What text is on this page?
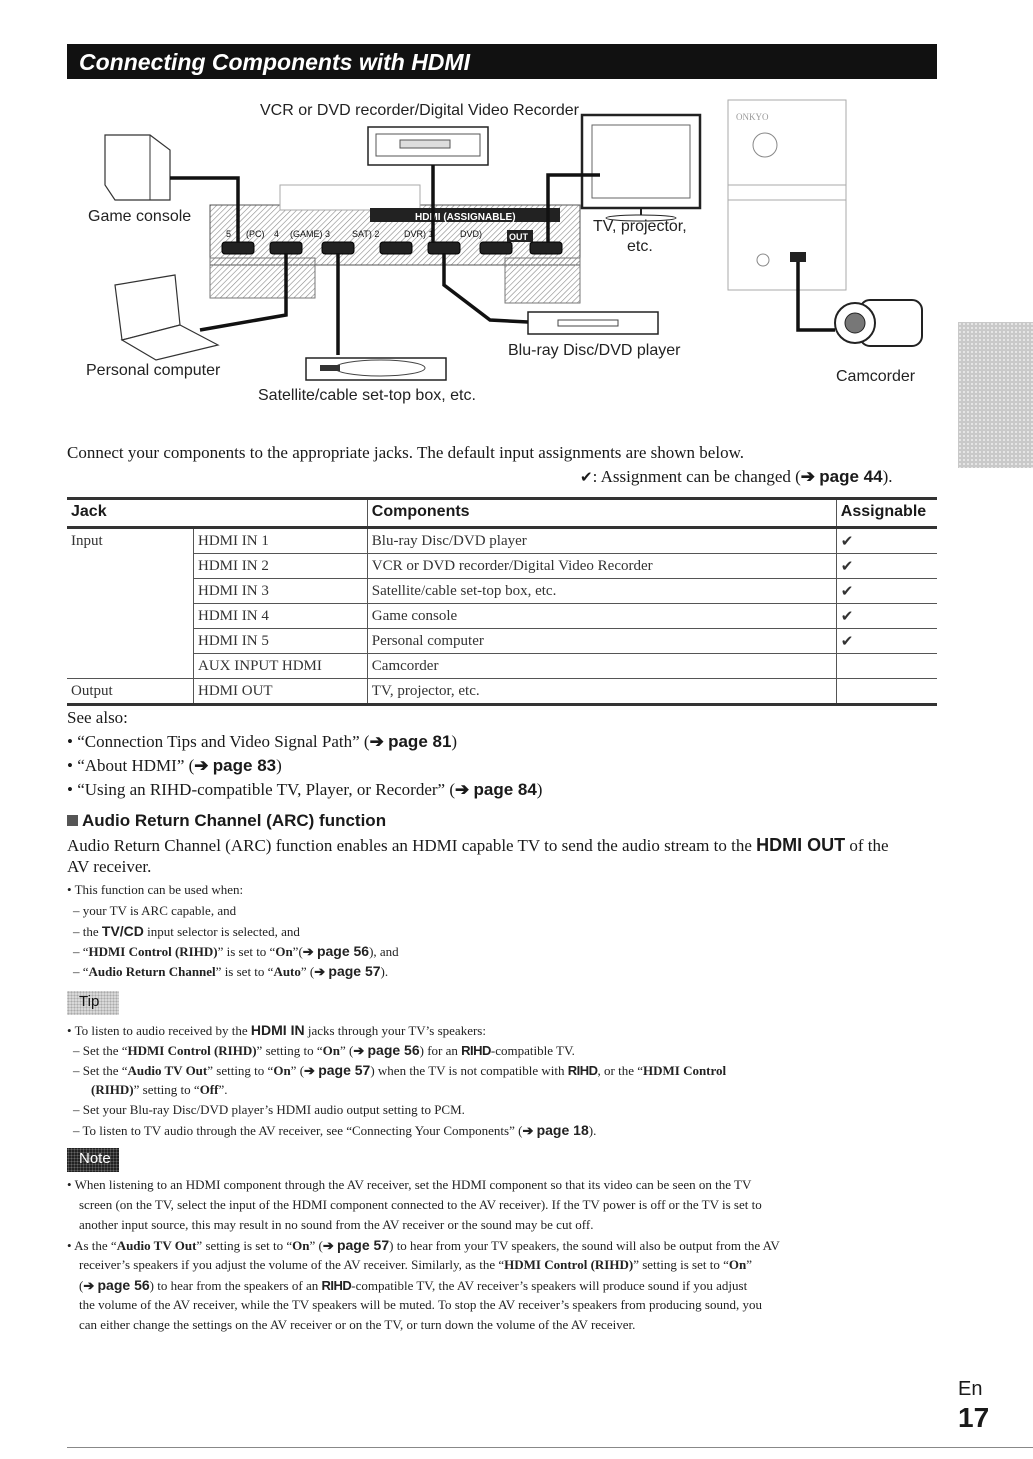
Connecting Components with HDMI
HDMI (ASSIGNABLE)
5 (PC) 4 (GAME) 3 SAT) 2	DVR) 1	DVD)	OUT
ONKYO
VCR or DVD recorder/Digital Video Recorder
Game console
TV, projector,
etc.
Personal computer
Blu-ray Disc/DVD player
Satellite/cable set-top box, etc.
Camcorder
Connect your components to the appropriate jacks. The default input assignments are shown below.
✔: Assignment can be changed (➔ page 44).
Jack		Components	Assignable
Input	HDMI IN 1	Blu-ray Disc/DVD player	✔
	HDMI IN 2	VCR or DVD recorder/Digital Video Recorder	✔
	HDMI IN 3	Satellite/cable set-top box, etc.	✔
	HDMI IN 4	Game console	✔
	HDMI IN 5	Personal computer	✔
	AUX INPUT HDMI	Camcorder	
Output	HDMI OUT	TV, projector, etc.	
See also:
• “Connection Tips and Video Signal Path” (➔ page 81)
• “About HDMI” (➔ page 83)
• “Using an RIHD-compatible TV, Player, or Recorder” (➔ page 84)
Audio Return Channel (ARC) function
Audio Return Channel (ARC) function enables an HDMI capable TV to send the audio stream to the HDMI OUT of the
AV receiver.
• This function can be used when:
– your TV is ARC capable, and
– the TV/CD input selector is selected, and
– “HDMI Control (RIHD)” is set to “On”(➔ page 56), and
– “Audio Return Channel” is set to “Auto” (➔ page 57).
Tip
• To listen to audio received by the HDMI IN jacks through your TV’s speakers:
– Set the “HDMI Control (RIHD)” setting to “On” (➔ page 56) for an RIHD-compatible TV.
– Set the “Audio TV Out” setting to “On” (➔ page 57) when the TV is not compatible with RIHD, or the “HDMI Control
(RIHD)” setting to “Off”.
– Set your Blu-ray Disc/DVD player’s HDMI audio output setting to PCM.
– To listen to TV audio through the AV receiver, see “Connecting Your Components” (➔ page 18).
Note
• When listening to an HDMI component through the AV receiver, set the HDMI component so that its video can be seen on the TV
screen (on the TV, select the input of the HDMI component connected to the AV receiver). If the TV power is off or the TV is set to
another input source, this may result in no sound from the AV receiver or the sound may be cut off.
• As the “Audio TV Out” setting is set to “On” (➔ page 57) to hear from your TV speakers, the sound will also be output from the AV
receiver’s speakers if you adjust the volume of the AV receiver. Similarly, as the “HDMI Control (RIHD)” setting is set to “On”
(➔ page 56) to hear from the speakers of an RIHD-compatible TV, the AV receiver’s speakers will produce sound if you adjust
the volume of the AV receiver, while the TV speakers will be muted. To stop the AV receiver’s speakers from producing sound, you
can either change the settings on the AV receiver or on the TV, or turn down the volume of the AV receiver.
En
17
